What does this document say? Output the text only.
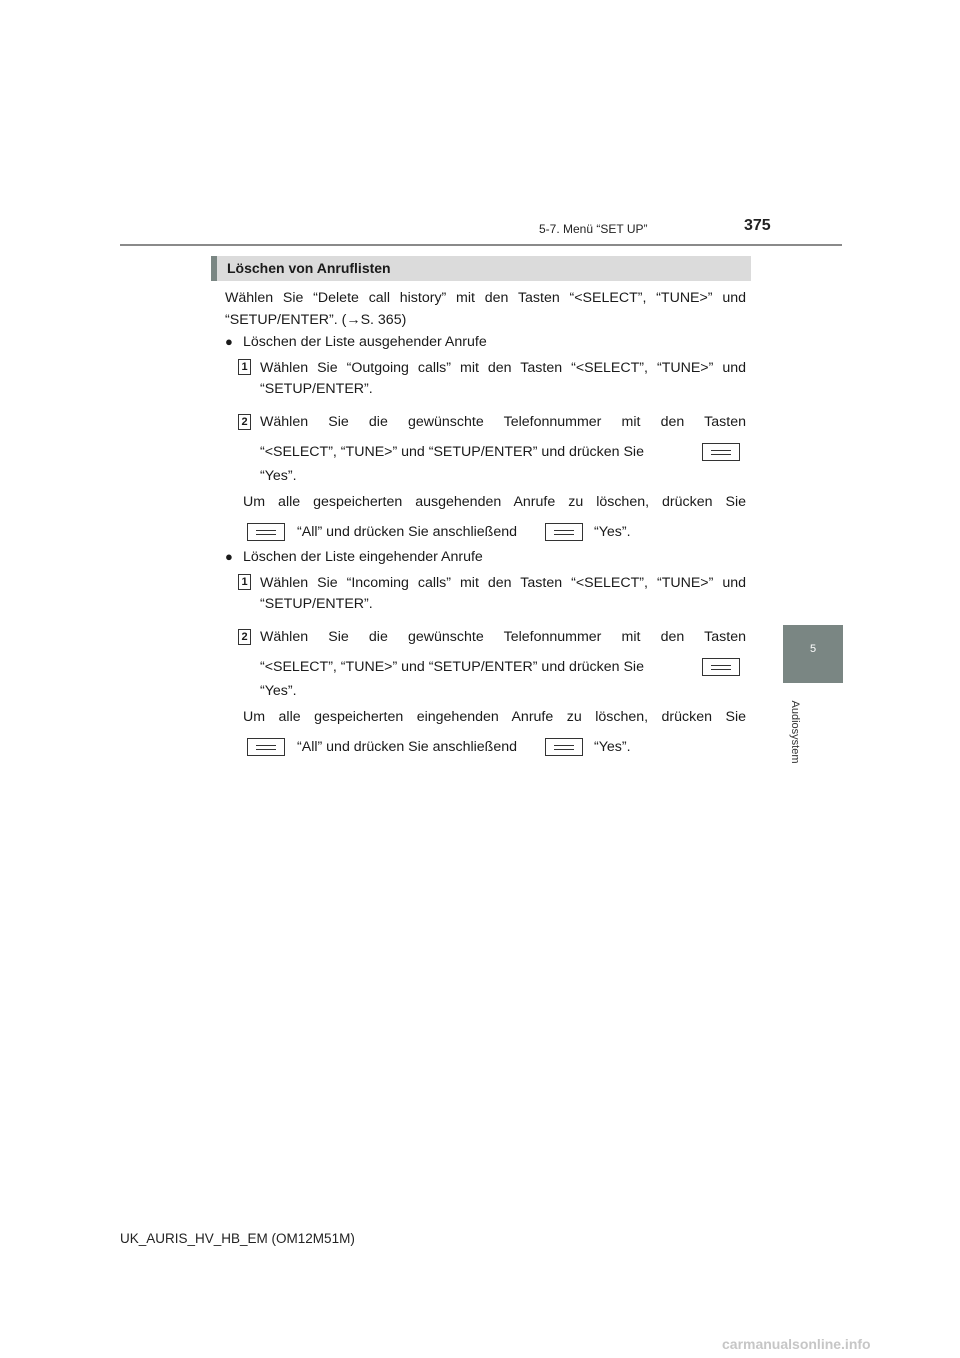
5-7. Menü “SET UP”	375
5
Audiosystem
Löschen von Anruflisten
Wählen Sie “Delete call history” mit den Tasten “<SELECT”, “TUNE>” und
“SETUP/ENTER”. (→S. 365)
● Löschen der Liste ausgehender Anrufe
1 Wählen Sie “Outgoing calls” mit den Tasten “<SELECT”, “TUNE>” und
“SETUP/ENTER”.
2 Wählen Sie die gewünschte Telefonnummer mit den Tasten
“<SELECT”, “TUNE>” und “SETUP/ENTER” und drücken Sie
“Yes”.
Um alle gespeicherten ausgehenden Anrufe zu löschen, drücken Sie
“All” und drücken Sie anschließend	“Yes”.
● Löschen der Liste eingehender Anrufe
1 Wählen Sie “Incoming calls” mit den Tasten “<SELECT”, “TUNE>” und
“SETUP/ENTER”.
2 Wählen Sie die gewünschte Telefonnummer mit den Tasten
“<SELECT”, “TUNE>” und “SETUP/ENTER” und drücken Sie
“Yes”.
Um alle gespeicherten eingehenden Anrufe zu löschen, drücken Sie
“All” und drücken Sie anschließend	“Yes”.
UK_AURIS_HV_HB_EM (OM12M51M)
carmanualsonline.info
